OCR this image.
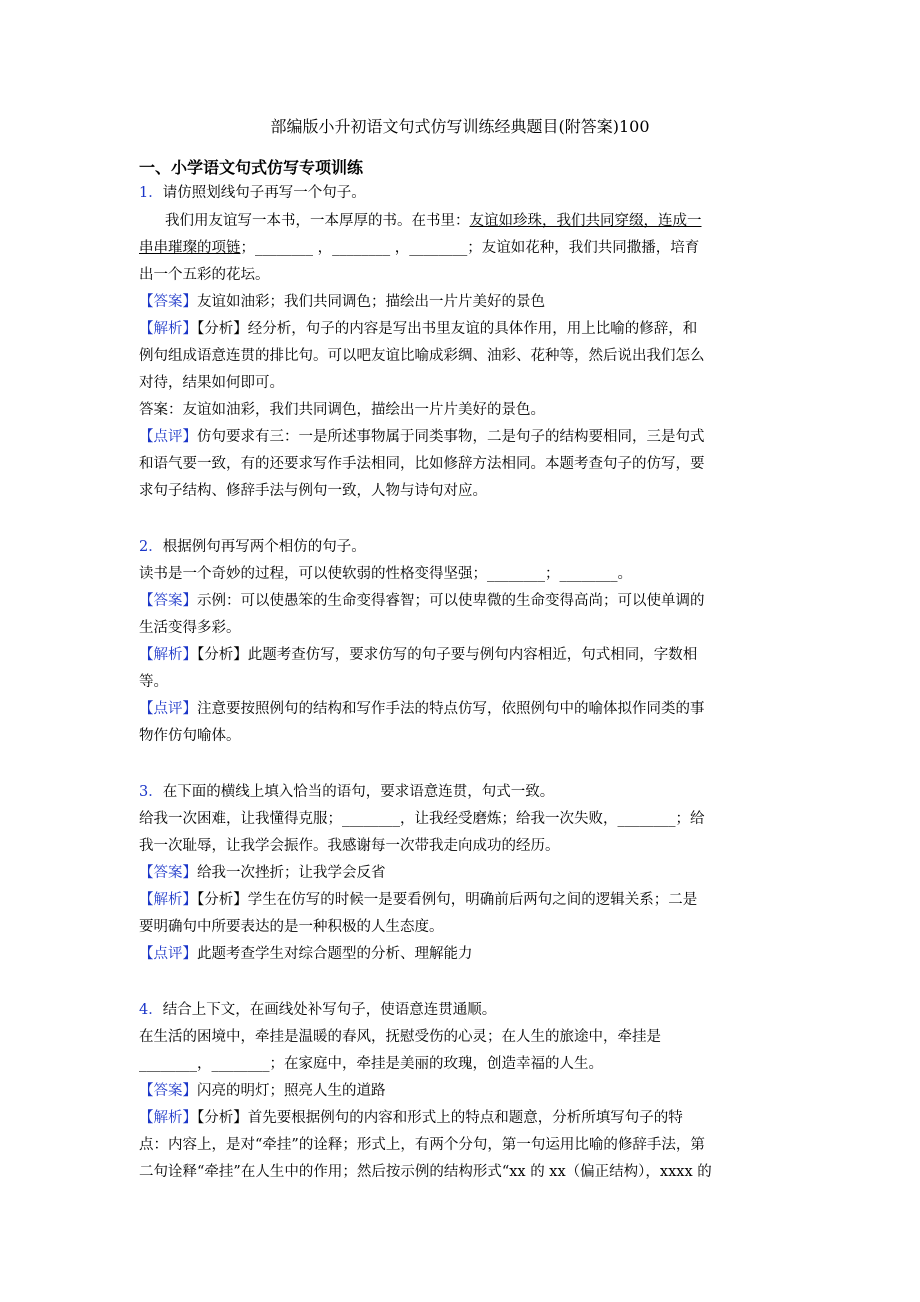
部编版小升初语文句式仿写训练经典题目(附答案)100
一、小学语文句式仿写专项训练
1．请仿照划线句子再写一个句子。
我们用友谊写一本书，一本厚厚的书。在书里：友谊如珍珠，我们共同穿缀，连成一
串串璀璨的项链；________ ，________ ，________；友谊如花种，我们共同撒播，培育
出一个五彩的花坛。
【答案】友谊如油彩；我们共同调色；描绘出一片片美好的景色
【解析】【分析】经分析，句子的内容是写出书里友谊的具体作用，用上比喻的修辞，和
例句组成语意连贯的排比句。可以吧友谊比喻成彩绸、油彩、花种等，然后说出我们怎么
对待，结果如何即可。
答案：友谊如油彩，我们共同调色，描绘出一片片美好的景色。
【点评】仿句要求有三：一是所述事物属于同类事物，二是句子的结构要相同，三是句式
和语气要一致，有的还要求写作手法相同，比如修辞方法相同。本题考查句子的仿写，要
求句子结构、修辞手法与例句一致，人物与诗句对应。
2．根据例句再写两个相仿的句子。
读书是一个奇妙的过程，可以使软弱的性格变得坚强；________；________。
【答案】示例：可以使愚笨的生命变得睿智；可以使卑微的生命变得高尚；可以使单调的
生活变得多彩。
【解析】【分析】此题考查仿写，要求仿写的句子要与例句内容相近，句式相同，字数相
等。
【点评】注意要按照例句的结构和写作手法的特点仿写，依照例句中的喻体拟作同类的事
物作仿句喻体。
3．在下面的横线上填入恰当的语句，要求语意连贯，句式一致。
给我一次困难，让我懂得克服；________，让我经受磨炼；给我一次失败，________；给
我一次耻辱，让我学会振作。我感谢每一次带我走向成功的经历。
【答案】给我一次挫折；让我学会反省
【解析】【分析】学生在仿写的时候一是要看例句，明确前后两句之间的逻辑关系；二是
要明确句中所要表达的是一种积极的人生态度。
【点评】此题考查学生对综合题型的分析、理解能力
4．结合上下文，在画线处补写句子，使语意连贯通顺。
在生活的困境中，牵挂是温暖的春风，抚慰受伤的心灵；在人生的旅途中，牵挂是
________，________；在家庭中，牵挂是美丽的玫瑰，创造幸福的人生。
【答案】闪亮的明灯；照亮人生的道路
【解析】【分析】首先要根据例句的内容和形式上的特点和题意，分析所填写句子的特
点：内容上，是对“牵挂”的诠释；形式上，有两个分句，第一句运用比喻的修辞手法，第
二句诠释“牵挂”在人生中的作用；然后按示例的结构形式“xx 的 xx（偏正结构），xxxx 的
